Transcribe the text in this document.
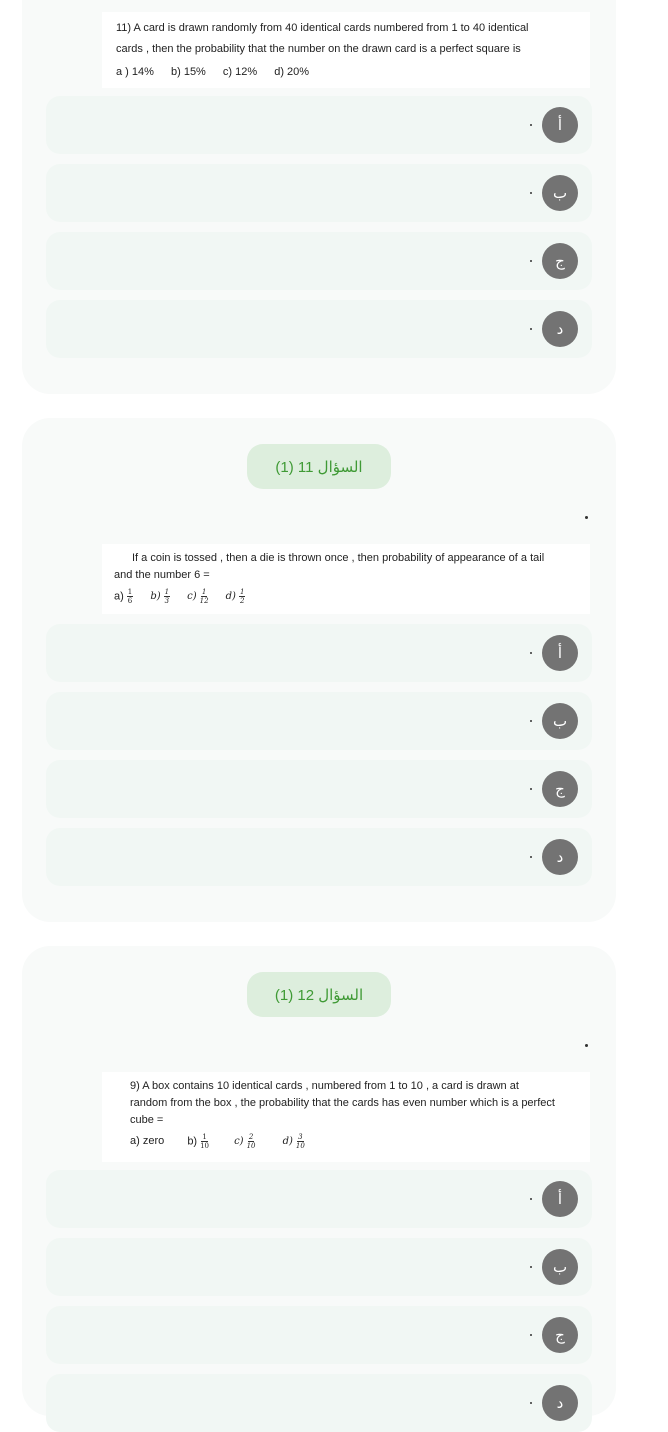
11) A card is drawn randomly from 40 identical cards numbered from 1 to 40 identical
cards , then the probability that the number on the drawn card is a perfect square is
a ) 14% b) 15% c) 12% d) 20%
أ
ب
ج
د
السؤال 11 (1)
If a coin is tossed , then a die is thrown once , then probability of appearance of a tail
and the number 6 =
$a) \frac{1}{6} b) \frac{1}{3} c) \frac{1}{12} d) \frac{1}{2}$
أ
ب
ج
د
السؤال 12 (1)
9) A box contains 10 identical cards , numbered from 1 to 10 , a card is drawn at
random from the box , the probability that the cards has even number which is a perfect
cube =
a) zero $b) \frac{1}{10}$	$c) \frac{2}{10}$	$d) \frac{3}{10}$
أ
ب
ج
د
